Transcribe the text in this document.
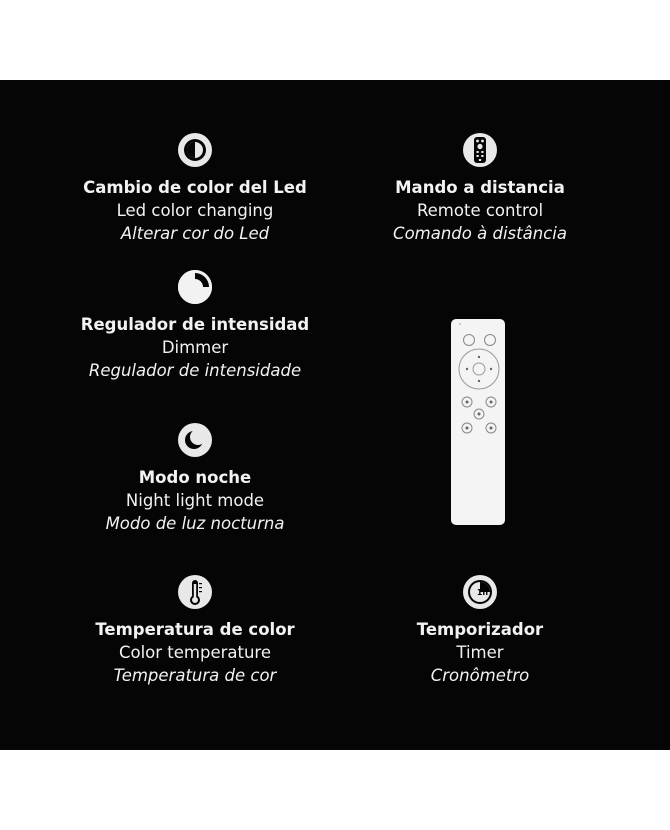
Cambio de color del Led
Led color changing
Alterar cor do Led
Mando a distancia
Remote control
Comando à distância
Regulador de intensidad
Dimmer
Regulador de intensidade
Modo noche
Night light mode
Modo de luz nocturna
Temperatura de color
Color temperature
Temperatura de cor
1h
Temporizador
Timer
Cronômetro
